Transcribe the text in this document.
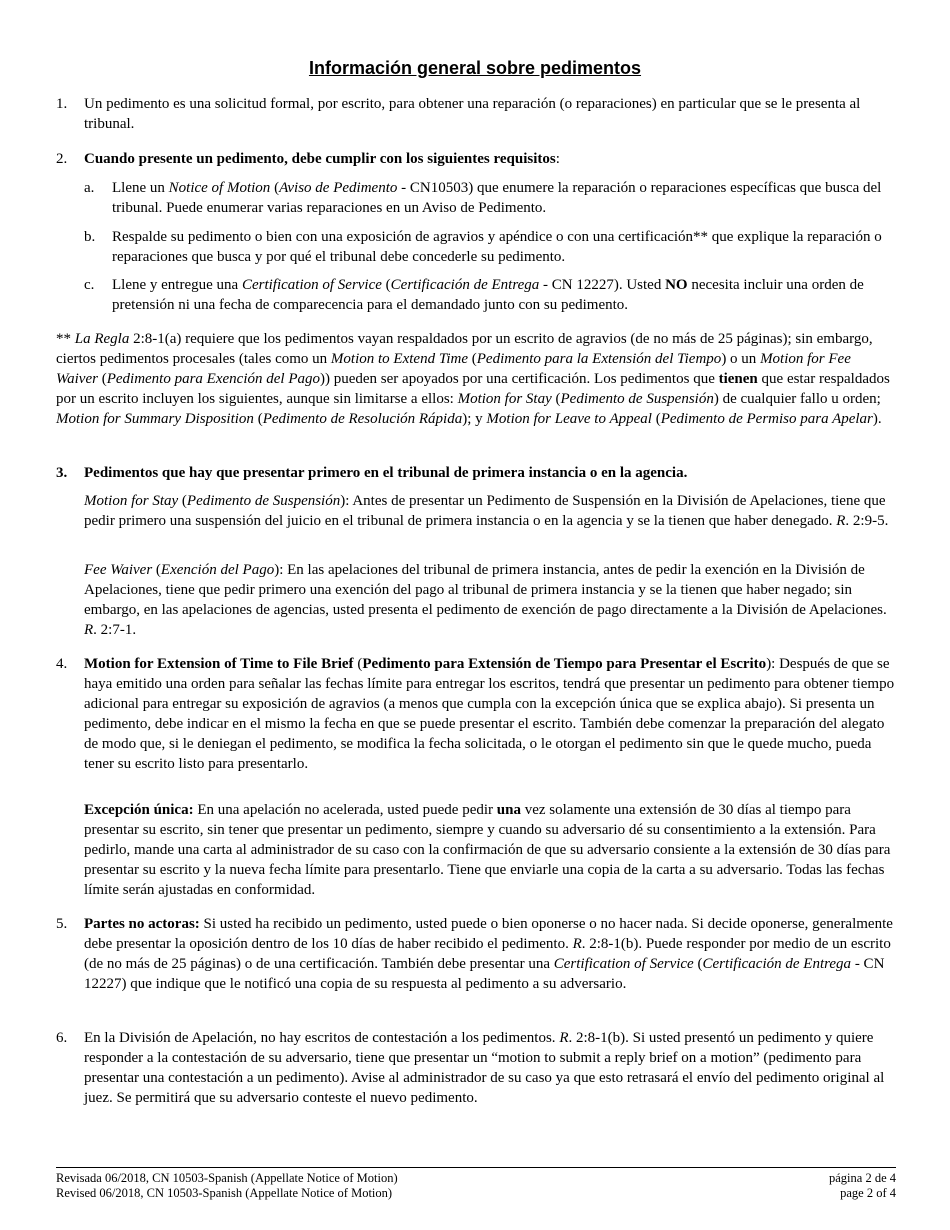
Información general sobre pedimentos
1.	Un pedimento es una solicitud formal, por escrito, para obtener una reparación (o reparaciones) en particular que se le presenta al tribunal.

2.	Cuando presente un pedimento, debe cumplir con los siguientes requisitos:

a.	Llene un Notice of Motion (Aviso de Pedimento - CN10503) que enumere la reparación o reparaciones específicas que busca del tribunal. Puede enumerar varias reparaciones en un Aviso de Pedimento.

b.	Respalde su pedimento o bien con una exposición de agravios y apéndice o con una certificación** que explique la reparación o reparaciones que busca y por qué el tribunal debe concederle su pedimento.

c.	Llene y entregue una Certification of Service (Certificación de Entrega - CN 12227). Usted NO necesita incluir una orden de pretensión ni una fecha de comparecencia para el demandado junto con su pedimento.

** La Regla 2:8-1(a) requiere que los pedimentos vayan respaldados por un escrito de agravios (de no más de 25 páginas); sin embargo, ciertos pedimentos procesales (tales como un Motion to Extend Time (Pedimento para la Extensión del Tiempo) o un Motion for Fee Waiver (Pedimento para Exención del Pago)) pueden ser apoyados por una certificación. Los pedimentos que tienen que estar respaldados por un escrito incluyen los siguientes, aunque sin limitarse a ellos: Motion for Stay (Pedimento de Suspensión) de cualquier fallo u orden; Motion for Summary Disposition (Pedimento de Resolución Rápida); y Motion for Leave to Appeal (Pedimento de Permiso para Apelar).

3.	Pedimentos que hay que presentar primero en el tribunal de primera instancia o en la agencia.

Motion for Stay (Pedimento de Suspensión): Antes de presentar un Pedimento de Suspensión en la División de Apelaciones, tiene que pedir primero una suspensión del juicio en el tribunal de primera instancia o en la agencia y se la tienen que haber denegado. R. 2:9-5.

Fee Waiver (Exención del Pago): En las apelaciones del tribunal de primera instancia, antes de pedir la exención en la División de Apelaciones, tiene que pedir primero una exención del pago al tribunal de primera instancia y se la tienen que haber negado; sin embargo, en las apelaciones de agencias, usted presenta el pedimento de exención de pago directamente a la División de Apelaciones. R. 2:7-1.

4.	Motion for Extension of Time to File Brief (Pedimento para Extensión de Tiempo para Presentar el Escrito): Después de que se haya emitido una orden para señalar las fechas límite para entregar los escritos, tendrá que presentar un pedimento para obtener tiempo adicional para entregar su exposición de agravios (a menos que cumpla con la excepción única que se explica abajo). Si presenta un pedimento, debe indicar en el mismo la fecha en que se puede presentar el escrito. También debe comenzar la preparación del alegato de modo que, si le deniegan el pedimento, se modifica la fecha solicitada, o le otorgan el pedimento sin que le quede mucho, pueda tener su escrito listo para presentarlo.

Excepción única: En una apelación no acelerada, usted puede pedir una vez solamente una extensión de 30 días al tiempo para presentar su escrito, sin tener que presentar un pedimento, siempre y cuando su adversario dé su consentimiento a la extensión. Para pedirlo, mande una carta al administrador de su caso con la confirmación de que su adversario consiente a la extensión de 30 días para presentar su escrito y la nueva fecha límite para presentarlo. Tiene que enviarle una copia de la carta a su adversario. Todas las fechas límite serán ajustadas en conformidad.

5.	Partes no actoras: Si usted ha recibido un pedimento, usted puede o bien oponerse o no hacer nada. Si decide oponerse, generalmente debe presentar la oposición dentro de los 10 días de haber recibido el pedimento. R. 2:8-1(b). Puede responder por medio de un escrito (de no más de 25 páginas) o de una certificación. También debe presentar una Certification of Service (Certificación de Entrega - CN 12227) que indique que le notificó una copia de su respuesta al pedimento a su adversario.

6.	En la División de Apelación, no hay escritos de contestación a los pedimentos. R. 2:8-1(b). Si usted presentó un pedimento y quiere responder a la contestación de su adversario, tiene que presentar un “motion to submit a reply brief on a motion” (pedimento para presentar una contestación a un pedimento). Avise al administrador de su caso ya que esto retrasará el envío del pedimento original al juez. Se permitirá que su adversario conteste el nuevo pedimento.

Revisada 06/2018, CN 10503-Spanish (Appellate Notice of Motion)
Revised 06/2018, CN 10503-Spanish (Appellate Notice of Motion)
página 2 de 4
page 2 of 4
